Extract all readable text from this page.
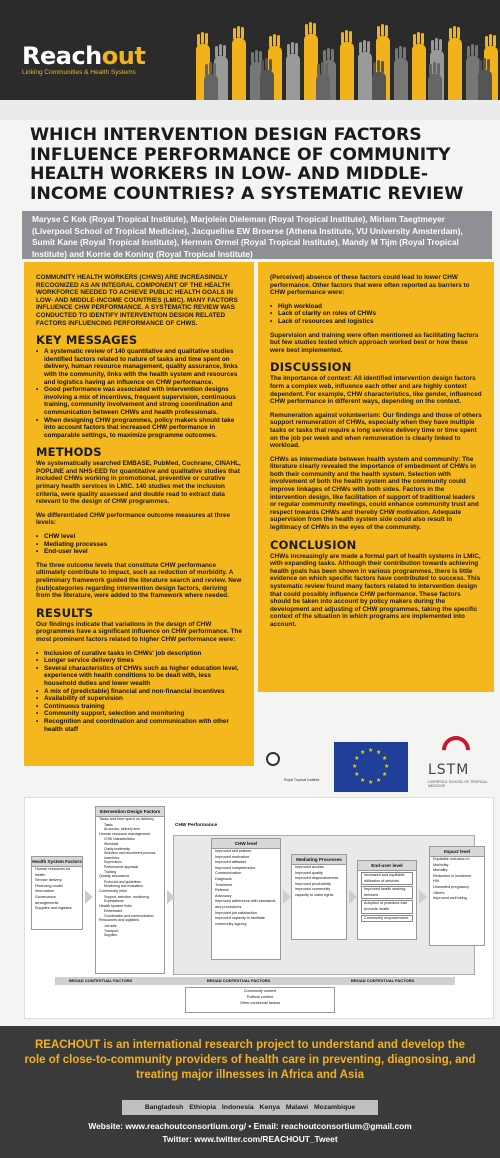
Reachout
Linking Communities & Health Systems
WHICH INTERVENTION DESIGN FACTORS INFLUENCE PERFORMANCE OF COMMUNITY HEALTH WORKERS IN LOW- AND MIDDLE-INCOME COUNTRIES? A SYSTEMATIC REVIEW
Maryse C Kok (Royal Tropical Institute), Marjolein Dieleman (Royal Tropical Institute), Miriam Taegtmeyer (Liverpool School of Tropical Medicine), Jacqueline EW Broerse (Athena Institute, VU University Amsterdam), Sumit Kane (Royal Tropical Institute), Hermen Ormel (Royal Tropical Institute), Mandy M Tijm (Royal Tropical Institute) and Korrie de Koning (Royal Tropical Institute)
COMMUNITY HEALTH WORKERS (CHWS) ARE INCREASINGLY RECOGNIZED AS AN INTEGRAL COMPONENT OF THE HEALTH WORKFORCE NEEDED TO ACHIEVE PUBLIC HEALTH GOALS IN LOW- AND MIDDLE-INCOME COUNTRIES (LMIC). MANY FACTORS INFLUENCE CHW PERFORMANCE. A SYSTEMATIC REVIEW WAS CONDUCTED TO IDENTIFY INTERVENTION DESIGN RELATED FACTORS INFLUENCING PERFORMANCE OF CHWS.
KEY MESSAGES
• A systematic review of 140 quantitative and qualitative studies identified factors related to nature of tasks and time spent on delivery, human resource management, quality assurance, links with the community, links with the health system and resources and logistics having an influence on CHW performance.
• Good performance was associated with intervention designs involving a mix of incentives, frequent supervision, continuous training, community involvement and strong coordination and communication between CHWs and health professionals.
• When designing CHW programmes, policy makers should take into account factors that increased CHW performance in comparable settings, to maximize programme outcomes.
METHODS
We systematically searched EMBASE, PubMed, Cochrane, CINAHL, POPLINE and NHS-EED for quantitative and qualitative studies that included CHWs working in promotional, preventive or curative primary health services in LMIC. 140 studies met the inclusion criteria, were quality assessed and double read to extract data relevant to the design of CHW programmes.
We differentiated CHW performance outcome measures at three levels:
• CHW level
• Mediating processes
• End-user level
The three outcome levels that constitute CHW performance ultimately contribute to impact, such as reduction of morbidity. A preliminary framework guided the literature search and review. New (sub)categories regarding intervention design factors, deriving from the literature, were added to the framework where needed.
RESULTS
Our findings indicate that variations in the design of CHW programmes have a significant influence on CHW performance. The most prominent factors related to higher CHW performance were:
• Inclusion of curative tasks in CHWs' job description
• Longer service delivery times
• Several characteristics of CHWs such as higher education level, experience with health conditions to be dealt with, less household duties and lower wealth
• A mix of (predictable) financial and non-financial incentives
• Availability of supervision
• Continuous training
• Community support, selection and monitoring
• Recognition and coordination and communication with other health staff
(Perceived) absence of these factors could lead to lower CHW performance. Other factors that were often reported as barriers to CHW performance were:
• High workload
• Lack of clarity on roles of CHWs
• Lack of resources and logistics
Supervision and training were often mentioned as facilitating factors but few studies tested which approach worked best or how these were best implemented.
DISCUSSION
The importance of context: All identified intervention design factors form a complex web, influence each other and are highly context dependent. For example, CHW characteristics, like gender, influenced CHW performance in different ways, depending on the context.
Remuneration against volunteerism: Our findings and those of others support remuneration of CHWs, especially when they have multiple tasks or tasks that require a long service delivery time or time spent on the job per week and when remuneration is clearly linked to workload.
CHWs as intermediate between health system and community: The literature clearly revealed the importance of embedment of CHWs in both their community and the health system. Selection with involvement of both the health system and the community could improve linkages of CHWs with both sides. Factors in the intervention design, like facilitation of support of traditional leaders or regular community meetings, could enhance community trust and respect towards CHWs and thereby CHW motivation. Adequate supervision from the health system side could also result in legitimacy of CHWs in the eyes of the community.
CONCLUSION
CHWs increasingly are made a formal part of health systems in LMIC, with expanding tasks. Although their contribution towards achieving health goals has been shown in various programmes, there is little evidence on which specific factors have contributed to success. This systematic review found many factors related to intervention design that could possibly influence CHW performance. These factors should be taken into account by policy makers during the development and adjusting of CHW programmes, taking the specific context of the situation in which programs are implemented into account.
Royal Tropical Institute
★
★
★
★
★
★
★
★
★ ★ ★
★
LSTM
LIVERPOOL SCHOOL OF TROPICAL MEDICINE
Health System Factors
Human resources for health
Service delivery
Financing model
Information
Governance arrangements
Supplies and logistics
Intervention Design Factors
Tasks and time spent on delivery
Tasks
At-service, delivery time
Human resource management
CHW characteristics
Workload
Clarity leadership
Selection and recruitment process
Incentives
Supervision
Performance appraisal
Training
Quality assurance
Protocols and guidelines
Monitoring and evaluation
Community links
Support, selection, monitoring
Expectations
Health system links
Embedment
Coordination and communication
Resources and logistics
Job aids
Transport
Supplies
CHW Performance
CHW level
Improved self esteem
Improved motivation
Improved attitudes
Improved competencies
Communication
Diagnosis
Treatment
Referral
Advocacy
Improved adherence with standards and procedures
Improved job satisfaction
Improved capacity to facilitate community agency
Mediating Processes
Improved access
Improved quality
Improved responsiveness
Improved productivity
Improved community capacity to claim rights
End-user level
Increased and equitable utilization of services
Improved health seeking behavior
Adoption of practices that promote health
Community empowerment
Impact level
Equitable reduction in
Morbidity
Mortality
Reduction in incidence
HIV
Unwanted pregnancy
Others
Improved well being
BROAD CONTEXTUAL FACTORS	BROAD CONTEXTUAL FACTORS	BROAD CONTEXTUAL FACTORS
Community context
Political context
Other contextual factors
REACHOUT is an international research project to understand and develop the role of close-to-community providers of health care in preventing, diagnosing, and treating major illnesses in Africa and Asia
Bangladesh Ethiopia Indonesia Kenya Malawi Mozambique
Website: www.reachoutconsortium.org/ • Email: reachoutconsortium@gmail.com
Twitter: www.twitter.com/REACHOUT_Tweet
